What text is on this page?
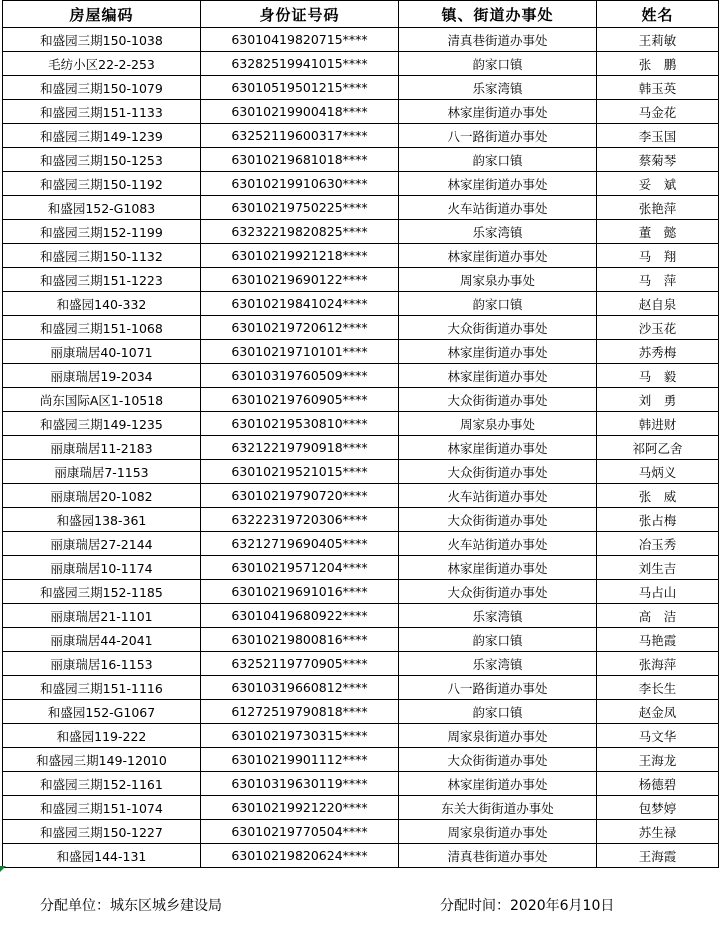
房屋编码	身份证号码	镇、街道办事处	姓名
和盛园三期150-1038	63010419820715****	清真巷街道办事处	王莉敏
毛纺小区22-2-253	63282519941015****	韵家口镇	张　鹏
和盛园三期150-1079	63010519501215****	乐家湾镇	韩玉英
和盛园三期151-1133	63010219900418****	林家崖街道办事处	马金花
和盛园三期149-1239	63252119600317****	八一路街道办事处	李玉国
和盛园三期150-1253	63010219681018****	韵家口镇	蔡菊琴
和盛园三期150-1192	63010219910630****	林家崖街道办事处	妥　斌
和盛园152-G1083	63010219750225****	火车站街道办事处	张艳萍
和盛园三期152-1199	63232219820825****	乐家湾镇	董　懿
和盛园三期150-1132	63010219921218****	林家崖街道办事处	马　翔
和盛园三期151-1223	63010219690122****	周家泉办事处	马　萍
和盛园140-332	63010219841024****	韵家口镇	赵自泉
和盛园三期151-1068	63010219720612****	大众街街道办事处	沙玉花
丽康瑞居40-1071	63010219710101****	林家崖街道办事处	苏秀梅
丽康瑞居19-2034	63010319760509****	林家崖街道办事处	马　毅
尚东国际A区1-10518	63010219760905****	大众街街道办事处	刘　勇
和盛园三期149-1235	63010219530810****	周家泉办事处	韩进财
丽康瑞居11-2183	63212219790918****	林家崖街道办事处	祁阿乙舍
丽康瑞居7-1153	63010219521015****	大众街街道办事处	马炳义
丽康瑞居20-1082	63010219790720****	火车站街道办事处	张　威
和盛园138-361	63222319720306****	大众街街道办事处	张占梅
丽康瑞居27-2144	63212719690405****	火车站街道办事处	冶玉秀
丽康瑞居10-1174	63010219571204****	林家崖街道办事处	刘生吉
和盛园三期152-1185	63010219691016****	大众街街道办事处	马占山
丽康瑞居21-1101	63010419680922****	乐家湾镇	高　洁
丽康瑞居44-2041	63010219800816****	韵家口镇	马艳霞
丽康瑞居16-1153	63252119770905****	乐家湾镇	张海萍
和盛园三期151-1116	63010319660812****	八一路街道办事处	李长生
和盛园152-G1067	61272519790818****	韵家口镇	赵金凤
和盛园119-222	63010219730315****	周家泉街道办事处	马文华
和盛园三期149-12010	63010219901112****	大众街街道办事处	王海龙
和盛园三期152-1161	63010319630119****	林家崖街道办事处	杨德碧
和盛园三期151-1074	63010219921220****	东关大街街道办事处	包梦婷
和盛园三期150-1227	63010219770504****	周家泉街道办事处	苏生禄
和盛园144-131	63010219820624****	清真巷街道办事处	王海霞
分配单位：城东区城乡建设局	分配时间：2020年6月10日
